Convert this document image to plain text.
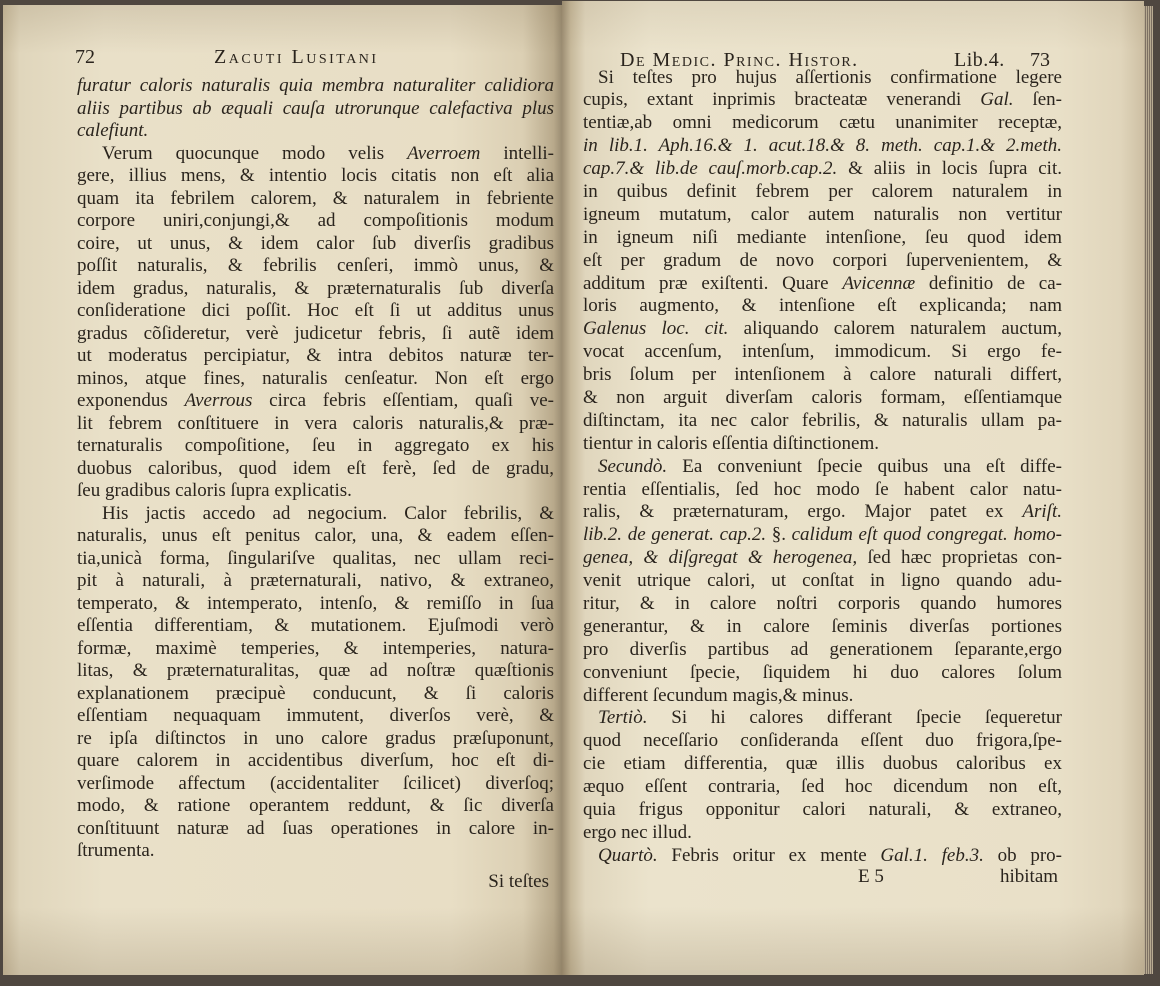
72	Zacuti Lusitani
furatur caloris naturalis quia membra naturaliter calidiora
aliis partibus ab æquali cauſa utrorunque calefactiva plus
calefiunt.
Verum quocunque modo velis Averroem intelli-
gere, illius mens, & intentio locis citatis non eſt alia
quam ita febrilem calorem, & naturalem in febriente
corpore uniri,conjungi,& ad compoſitionis modum
coire, ut unus, & idem calor ſub diverſis gradibus
poſſit naturalis, & febrilis cenſeri, immò unus, &
idem gradus, naturalis, & præternaturalis ſub diverſa
conſideratione dici poſſit. Hoc eſt ſi ut additus unus
gradus cõſideretur, verè judicetur febris, ſi autẽ idem
ut moderatus percipiatur, & intra debitos naturæ ter-
minos, atque fines, naturalis cenſeatur. Non eſt ergo
exponendus Averrous circa febris eſſentiam, quaſi ve-
lit febrem conſtituere in vera caloris naturalis,& præ-
ternaturalis compoſitione, ſeu in aggregato ex his
duobus caloribus, quod idem eſt ferè, ſed de gradu,
ſeu gradibus caloris ſupra explicatis.
His jactis accedo ad negocium. Calor febrilis, &
naturalis, unus eſt penitus calor, una, & eadem eſſen-
tia,unicà forma, ſingulariſve qualitas, nec ullam reci-
pit à naturali, à præternaturali, nativo, & extraneo,
temperato, & intemperato, intenſo, & remiſſo in ſua
eſſentia differentiam, & mutationem. Ejuſmodi verò
formæ, maximè temperies, & intemperies, natura-
litas, & præternaturalitas, quæ ad noſtræ quæſtionis
explanationem præcipuè conducunt, & ſi caloris
eſſentiam nequaquam immutent, diverſos verè, &
re ipſa diſtinctos in uno calore gradus præſuponunt,
quare calorem in accidentibus diverſum, hoc eſt di-
verſimode affectum (accidentaliter ſcilicet) diverſoq;
modo, & ratione operantem reddunt, & ſic diverſa
conſtituunt naturæ ad ſuas operationes in calore in-
ſtrumenta.
Si teſtes
De Medic. Princ. Histor.	Lib.4. 73
Si teſtes pro hujus aſſertionis confirmatione legere
cupis, extant inprimis bracteatæ venerandi Gal. ſen-
tentiæ,ab omni medicorum cætu unanimiter receptæ,
in lib.1. Aph.16.& 1. acut.18.& 8. meth. cap.1.& 2.meth.
cap.7.& lib.de cauſ.morb.cap.2. & aliis in locis ſupra cit.
in quibus definit febrem per calorem naturalem in
igneum mutatum, calor autem naturalis non vertitur
in igneum niſi mediante intenſione, ſeu quod idem
eſt per gradum de novo corpori ſupervenientem, &
additum præ exiſtenti. Quare Avicennæ definitio de ca-
loris augmento, & intenſione eſt explicanda; nam
Galenus loc. cit. aliquando calorem naturalem auctum,
vocat accenſum, intenſum, immodicum. Si ergo fe-
bris ſolum per intenſionem à calore naturali differt,
& non arguit diverſam caloris formam, eſſentiamque
diſtinctam, ita nec calor febrilis, & naturalis ullam pa-
tientur in caloris eſſentia diſtinctionem.
Secundò. Ea conveniunt ſpecie quibus una eſt diffe-
rentia eſſentialis, ſed hoc modo ſe habent calor natu-
ralis, & præternaturam, ergo. Major patet ex Ariſt.
lib.2. de generat. cap.2. §. calidum eſt quod congregat. homo-
genea, & diſgregat & herogenea, ſed hæc proprietas con-
venit utrique calori, ut conſtat in ligno quando adu-
ritur, & in calore noſtri corporis quando humores
generantur, & in calore ſeminis diverſas portiones
pro diverſis partibus ad generationem ſeparante,ergo
conveniunt ſpecie, ſiquidem hi duo calores ſolum
different ſecundum magis,& minus.
Tertiò. Si hi calores differant ſpecie ſequeretur
quod neceſſario conſideranda eſſent duo frigora,ſpe-
cie etiam differentia, quæ illis duobus caloribus ex
æquo eſſent contraria, ſed hoc dicendum non eſt,
quia frigus opponitur calori naturali, & extraneo,
ergo nec illud.
Quartò. Febris oritur ex mente Gal.1. feb.3. ob pro-
E 5	hibitam
